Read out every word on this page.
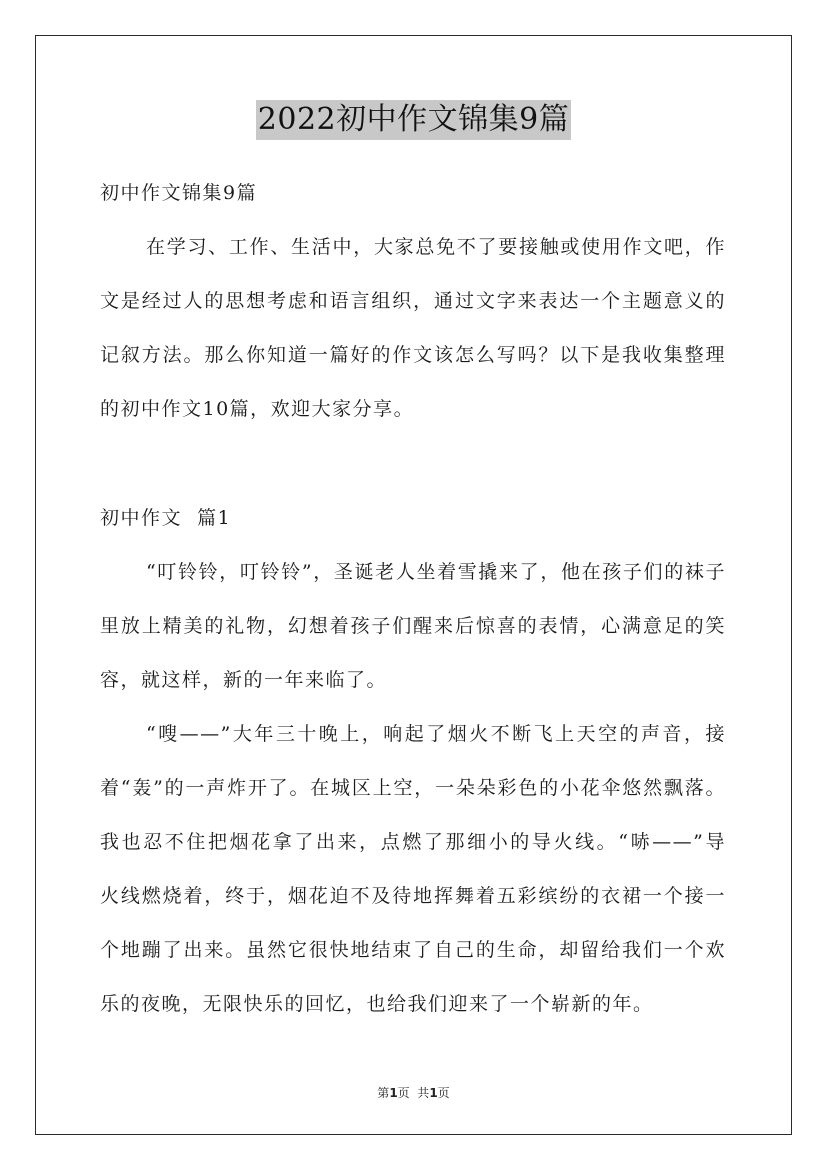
2022初中作文锦集9篇
初中作文锦集9篇
在学习、工作、生活中，大家总免不了要接触或使用作文吧，作
文是经过人的思想考虑和语言组织，通过文字来表达一个主题意义的
记叙方法。那么你知道一篇好的作文该怎么写吗？以下是我收集整理
的初中作文10篇，欢迎大家分享。
初中作文  篇1
“叮铃铃，叮铃铃”，圣诞老人坐着雪撬来了，他在孩子们的袜子
里放上精美的礼物，幻想着孩子们醒来后惊喜的表情，心满意足的笑
容，就这样，新的一年来临了。
“嗖——”大年三十晚上，响起了烟火不断飞上天空的声音，接
着“轰”的一声炸开了。在城区上空，一朵朵彩色的小花伞悠然飘落。
我也忍不住把烟花拿了出来，点燃了那细小的导火线。“哧——”导
火线燃烧着，终于，烟花迫不及待地挥舞着五彩缤纷的衣裙一个接一
个地蹦了出来。虽然它很快地结束了自己的生命，却留给我们一个欢
乐的夜晚，无限快乐的回忆，也给我们迎来了一个崭新的年。
第1页  共1页
